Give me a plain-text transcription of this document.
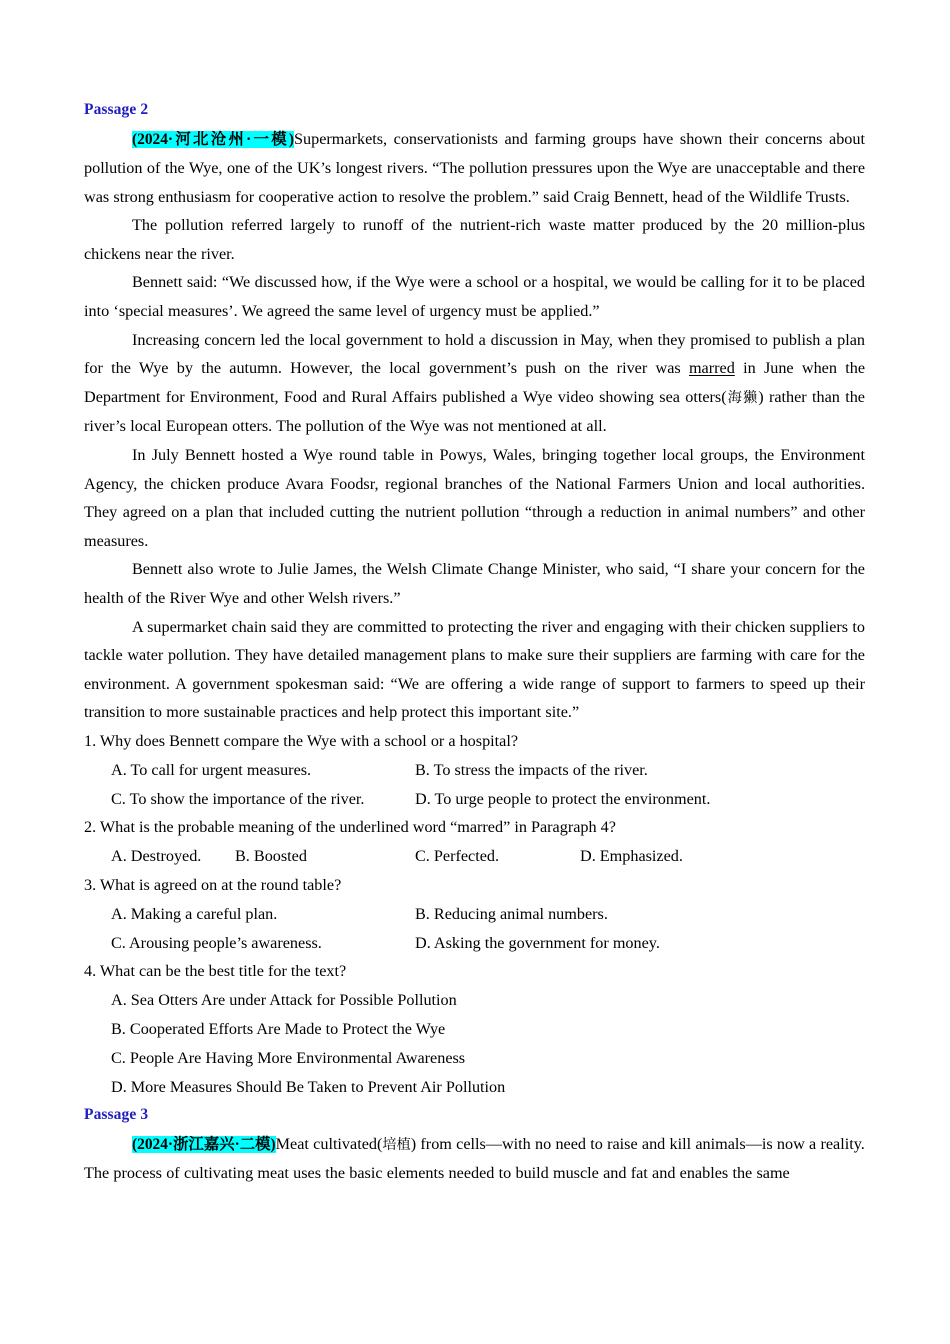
Passage 2

(2024·河北沧州·一模)Supermarkets, conservationists and farming groups have shown their concerns about pollution of the Wye, one of the UK’s longest rivers. “The pollution pressures upon the Wye are unacceptable and there was strong enthusiasm for cooperative action to resolve the problem.” said Craig Bennett, head of the Wildlife Trusts.

The pollution referred largely to runoff of the nutrient-rich waste matter produced by the 20 million-plus chickens near the river.

Bennett said: “We discussed how, if the Wye were a school or a hospital, we would be calling for it to be placed into ‘special measures’. We agreed the same level of urgency must be applied.”

Increasing concern led the local government to hold a discussion in May, when they promised to publish a plan for the Wye by the autumn. However, the local government’s push on the river was marred in June when the Department for Environment, Food and Rural Affairs published a Wye video showing sea otters(海獭) rather than the river’s local European otters. The pollution of the Wye was not mentioned at all.

In July Bennett hosted a Wye round table in Powys, Wales, bringing together local groups, the Environment Agency, the chicken produce Avara Foodsr, regional branches of the National Farmers Union and local authorities. They agreed on a plan that included cutting the nutrient pollution “through a reduction in animal numbers” and other measures.

Bennett also wrote to Julie James, the Welsh Climate Change Minister, who said, “I share your concern for the health of the River Wye and other Welsh rivers.”

A supermarket chain said they are committed to protecting the river and engaging with their chicken suppliers to tackle water pollution. They have detailed management plans to make sure their suppliers are farming with care for the environment. A government spokesman said: “We are offering a wide range of support to farmers to speed up their transition to more sustainable practices and help protect this important site.”

1. Why does Bennett compare the Wye with a school or a hospital?

A. To call for urgent measures.	B. To stress the impacts of the river.
C. To show the importance of the river.	D. To urge people to protect the environment.

2. What is the probable meaning of the underlined word “marred” in Paragraph 4?

A. Destroyed. B. Boosted	C. Perfected.	D. Emphasized.

3. What is agreed on at the round table?

A. Making a careful plan.	B. Reducing animal numbers.
C. Arousing people’s awareness.	D. Asking the government for money.

4. What can be the best title for the text?

A. Sea Otters Are under Attack for Possible Pollution

B. Cooperated Efforts Are Made to Protect the Wye

C. People Are Having More Environmental Awareness

D. More Measures Should Be Taken to Prevent Air Pollution

Passage 3

(2024·浙江嘉兴·二模)Meat cultivated(培植) from cells—with no need to raise and kill animals—is now a reality. The process of cultivating meat uses the basic elements needed to build muscle and fat and enables the same
